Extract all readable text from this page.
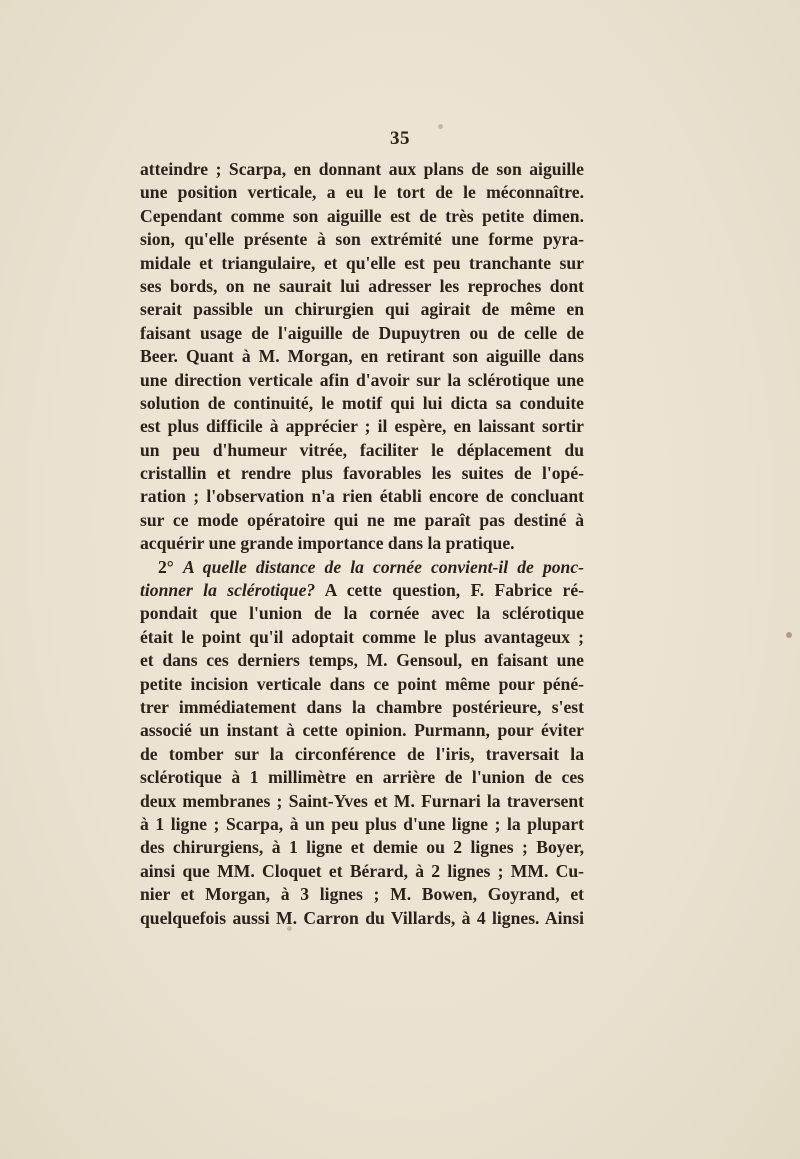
35
atteindre ; Scarpa, en donnant aux plans de son aiguille
une position verticale, a eu le tort de le méconnaître.
Cependant comme son aiguille est de très petite dimen.
sion, qu'elle présente à son extrémité une forme pyra-
midale et triangulaire, et qu'elle est peu tranchante sur
ses bords, on ne saurait lui adresser les reproches dont
serait passible un chirurgien qui agirait de même en
faisant usage de l'aiguille de Dupuytren ou de celle de
Beer. Quant à M. Morgan, en retirant son aiguille dans
une direction verticale afin d'avoir sur la sclérotique une
solution de continuité, le motif qui lui dicta sa conduite
est plus difficile à apprécier ; il espère, en laissant sortir
un peu d'humeur vitrée, faciliter le déplacement du
cristallin et rendre plus favorables les suites de l'opé-
ration ; l'observation n'a rien établi encore de concluant
sur ce mode opératoire qui ne me paraît pas destiné à
acquérir une grande importance dans la pratique.
2° A quelle distance de la cornée convient-il de ponc-
tionner la sclérotique? A cette question, F. Fabrice ré-
pondait que l'union de la cornée avec la sclérotique
était le point qu'il adoptait comme le plus avantageux ;
et dans ces derniers temps, M. Gensoul, en faisant une
petite incision verticale dans ce point même pour péné-
trer immédiatement dans la chambre postérieure, s'est
associé un instant à cette opinion. Purmann, pour éviter
de tomber sur la circonférence de l'iris, traversait la
sclérotique à 1 millimètre en arrière de l'union de ces
deux membranes ; Saint-Yves et M. Furnari la traversent
à 1 ligne ; Scarpa, à un peu plus d'une ligne ; la plupart
des chirurgiens, à 1 ligne et demie ou 2 lignes ; Boyer,
ainsi que MM. Cloquet et Bérard, à 2 lignes ; MM. Cu-
nier et Morgan, à 3 lignes ; M. Bowen, Goyrand, et
quelquefois aussi M. Carron du Villards, à 4 lignes. Ainsi
